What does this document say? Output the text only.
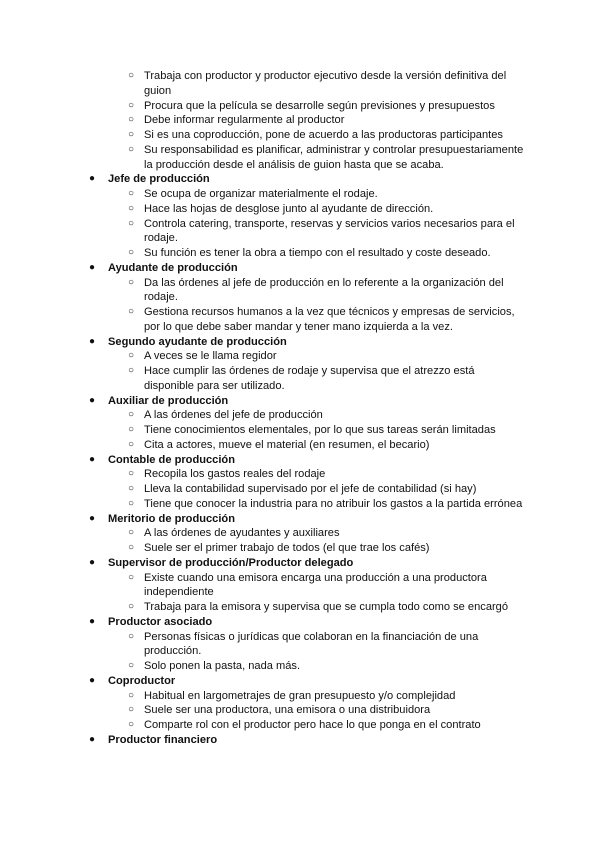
○ Trabaja con productor y productor ejecutivo desde la versión definitiva del
guion
○ Procura que la película se desarrolle según previsiones y presupuestos
○ Debe informar regularmente al productor
○ Si es una coproducción, pone de acuerdo a las productoras participantes
○ Su responsabilidad es planificar, administrar y controlar presupuestariamente
la producción desde el análisis de guion hasta que se acaba.
●	Jefe de producción
○ Se ocupa de organizar materialmente el rodaje.
○ Hace las hojas de desglose junto al ayudante de dirección.
○ Controla catering, transporte, reservas y servicios varios necesarios para el
rodaje.
○ Su función es tener la obra a tiempo con el resultado y coste deseado.
●	Ayudante de producción
○ Da las órdenes al jefe de producción en lo referente a la organización del
rodaje.
○ Gestiona recursos humanos a la vez que técnicos y empresas de servicios,
por lo que debe saber mandar y tener mano izquierda a la vez.
●	Segundo ayudante de producción
○ A veces se le llama regidor
○ Hace cumplir las órdenes de rodaje y supervisa que el atrezzo está
disponible para ser utilizado.
●	Auxiliar de producción
○ A las órdenes del jefe de producción
○ Tiene conocimientos elementales, por lo que sus tareas serán limitadas
○ Cita a actores, mueve el material (en resumen, el becario)
●	Contable de producción
○ Recopila los gastos reales del rodaje
○ Lleva la contabilidad supervisado por el jefe de contabilidad (si hay)
○ Tiene que conocer la industria para no atribuir los gastos a la partida errónea
●	Meritorio de producción
○ A las órdenes de ayudantes y auxiliares
○ Suele ser el primer trabajo de todos (el que trae los cafés)
●	Supervisor de producción/Productor delegado
○ Existe cuando una emisora encarga una producción a una productora
independiente
○ Trabaja para la emisora y supervisa que se cumpla todo como se encargó
●	Productor asociado
○ Personas físicas o jurídicas que colaboran en la financiación de una
producción.
○ Solo ponen la pasta, nada más.
●	Coproductor
○ Habitual en largometrajes de gran presupuesto y/o complejidad
○ Suele ser una productora, una emisora o una distribuidora
○ Comparte rol con el productor pero hace lo que ponga en el contrato
●	Productor financiero
